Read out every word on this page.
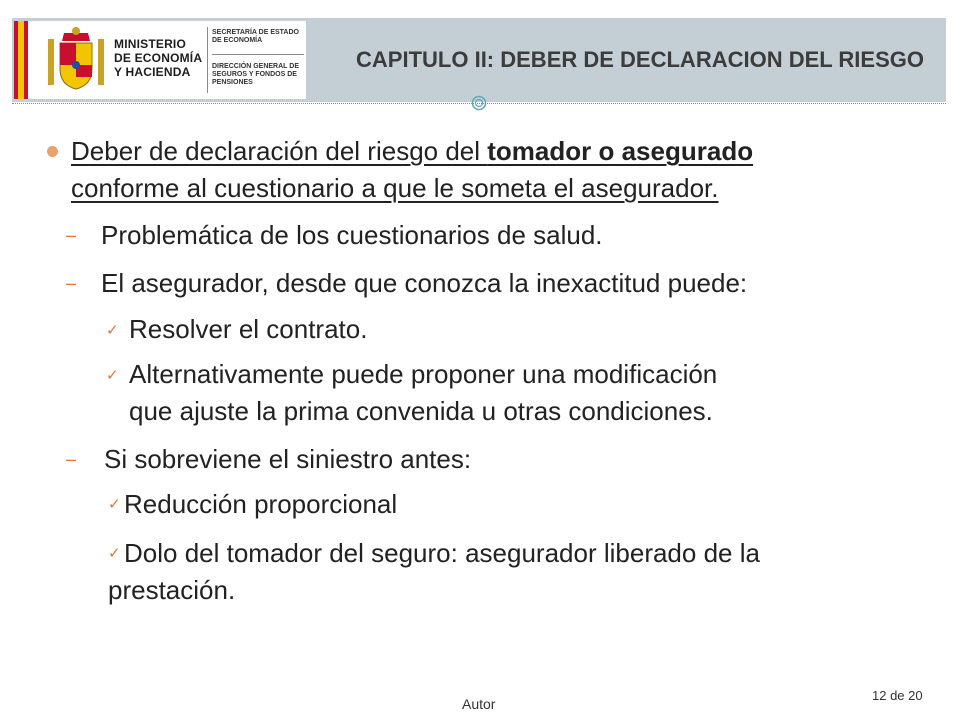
MINISTERIO DE ECONOMÍA Y HACIENDA
SECRETARÍA DE ESTADO DE ECONOMÍA
DIRECCIÓN GENERAL DE SEGUROS Y FONDOS DE PENSIONES
CAPITULO II: DEBER DE DECLARACION DEL RIESGO
Deber de declaración del riesgo del tomador o asegurado
conforme al cuestionario a que le someta el asegurador.
– Problemática de los cuestionarios de salud.
– El asegurador, desde que conozca la inexactitud puede:
✓ Resolver el contrato.
✓ Alternativamente puede proponer una modificación
que ajuste la prima convenida u otras condiciones.
– Si sobreviene el siniestro antes:
✓ Reducción proporcional
✓ Dolo del tomador del seguro: asegurador liberado de la
prestación.
Autor
12 de 20
